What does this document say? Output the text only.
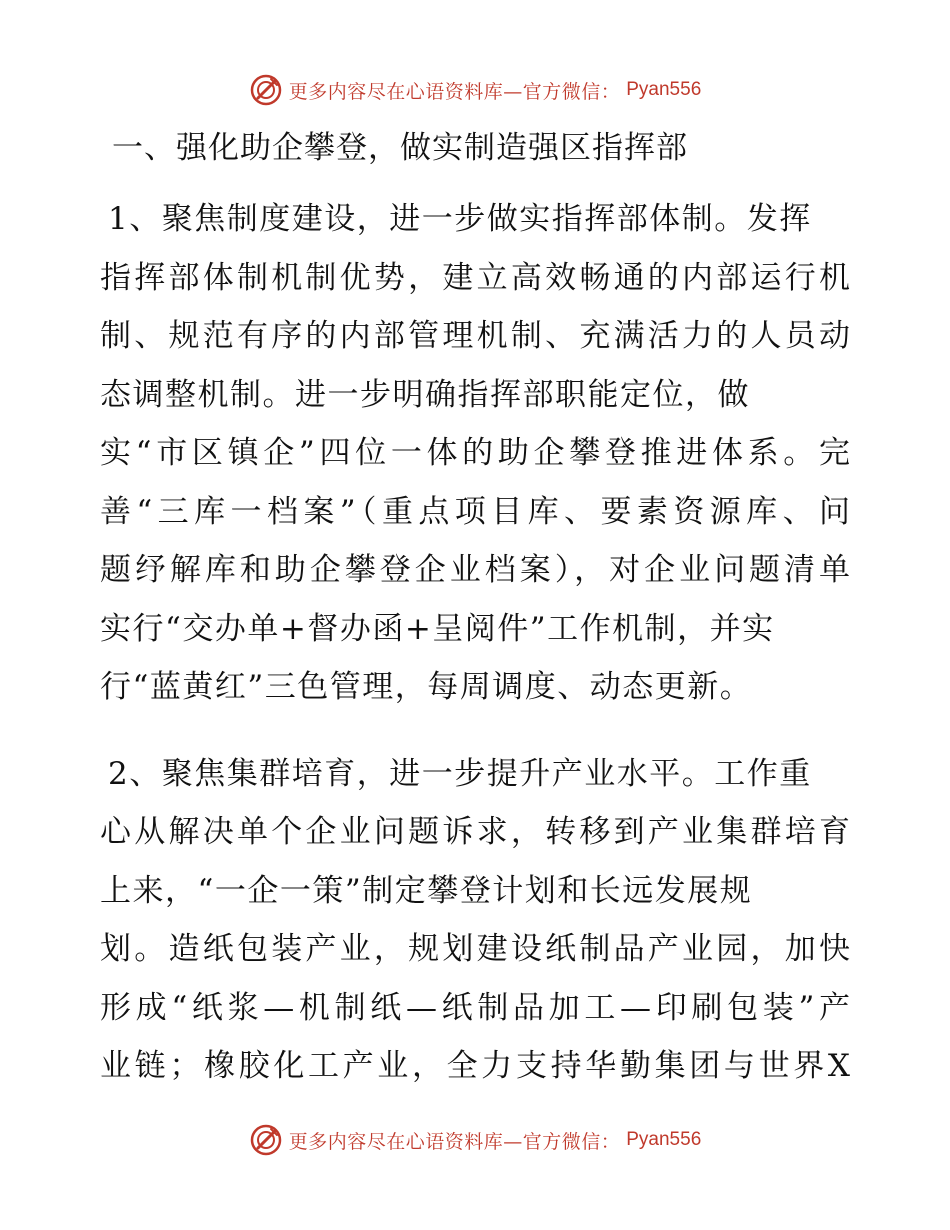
更多内容尽在心语资料库—官方微信： Pyan556
一、强化助企攀登，做实制造强区指挥部

1、聚焦制度建设，进一步做实指挥部体制。发挥
指挥部体制机制优势，建立高效畅通的内部运行机
制、规范有序的内部管理机制、充满活力的人员动
态调整机制。进一步明确指挥部职能定位，做
实“市区镇企”四位一体的助企攀登推进体系。完
善“三库一档案”（重点项目库、要素资源库、问
题纾解库和助企攀登企业档案），对企业问题清单
实行“交办单+督办函+呈阅件”工作机制，并实
行“蓝黄红”三色管理，每周调度、动态更新。

2、聚焦集群培育，进一步提升产业水平。工作重
心从解决单个企业问题诉求，转移到产业集群培育
上来，“一企一策”制定攀登计划和长远发展规
划。造纸包装产业，规划建设纸制品产业园，加快
形成“纸浆—机制纸—纸制品加工—印刷包装”产
业链；橡胶化工产业，全力支持华勤集团与世界X

更多内容尽在心语资料库—官方微信： Pyan556
